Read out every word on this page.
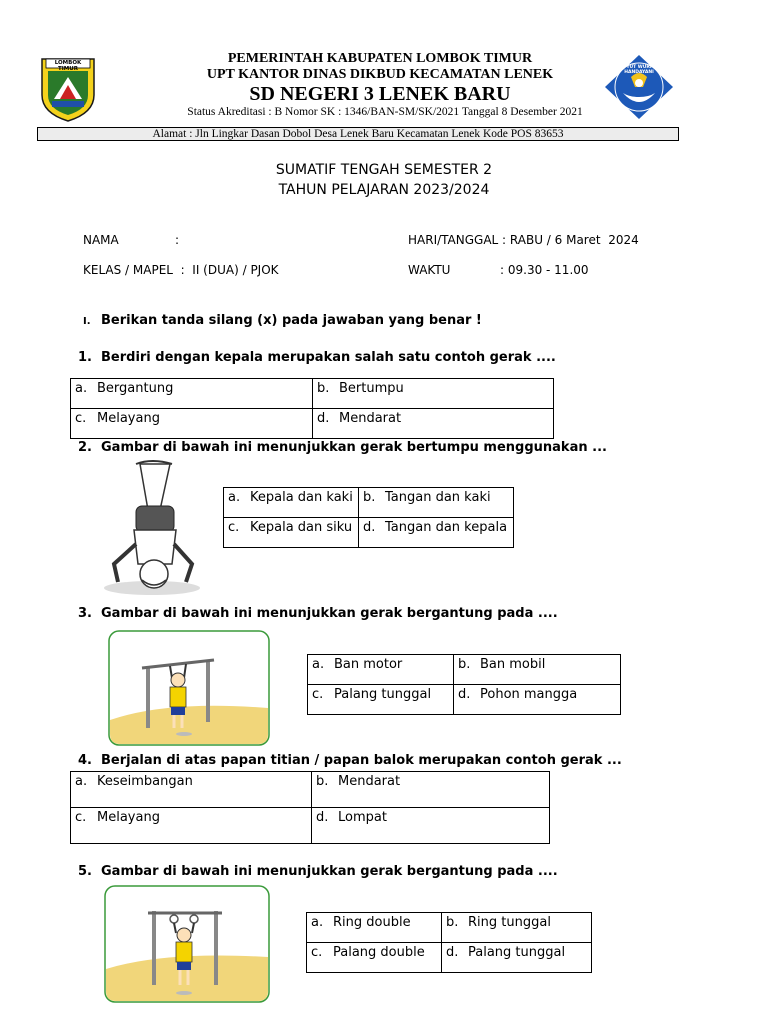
LOMBOK TIMUR
PEMERINTAH KABUPATEN LOMBOK TIMUR
UPT KANTOR DINAS DIKBUD KECAMATAN LENEK
SD NEGERI 3 LENEK BARU
Status Akreditasi : B Nomor SK : 1346/BAN-SM/SK/2021 Tanggal 8 Desember 2021
TUT WURI HANDAYANI
Alamat : Jln Lingkar Dasan Dobol Desa Lenek Baru Kecamatan Lenek Kode POS 83653
SUMATIF TENGAH SEMESTER 2
TAHUN PELAJARAN 2023/2024
NAMA	:
KELAS / MAPEL  :  II (DUA) / PJOK
HARI/TANGGAL : RABU / 6 Maret  2024
WAKTU	: 09.30 - 11.00
I. Berikan tanda silang (x) pada jawaban yang benar !
1. Berdiri dengan kepala merupakan salah satu contoh gerak ....
a. Bergantung	b. Bertumpu
c. Melayang	d. Mendarat
2. Gambar di bawah ini menunjukkan gerak bertumpu menggunakan ...
a. Kepala dan kaki	b. Tangan dan kaki
c. Kepala dan siku	d. Tangan dan kepala
3. Gambar di bawah ini menunjukkan gerak bergantung pada ....
a. Ban motor	b. Ban mobil
c. Palang tunggal	d. Pohon mangga
4. Berjalan di atas papan titian / papan balok merupakan contoh gerak ...
a. Keseimbangan	b. Mendarat
c. Melayang	d. Lompat
5. Gambar di bawah ini menunjukkan gerak bergantung pada ....
a. Ring double	b. Ring tunggal
c. Palang double	d. Palang tunggal
